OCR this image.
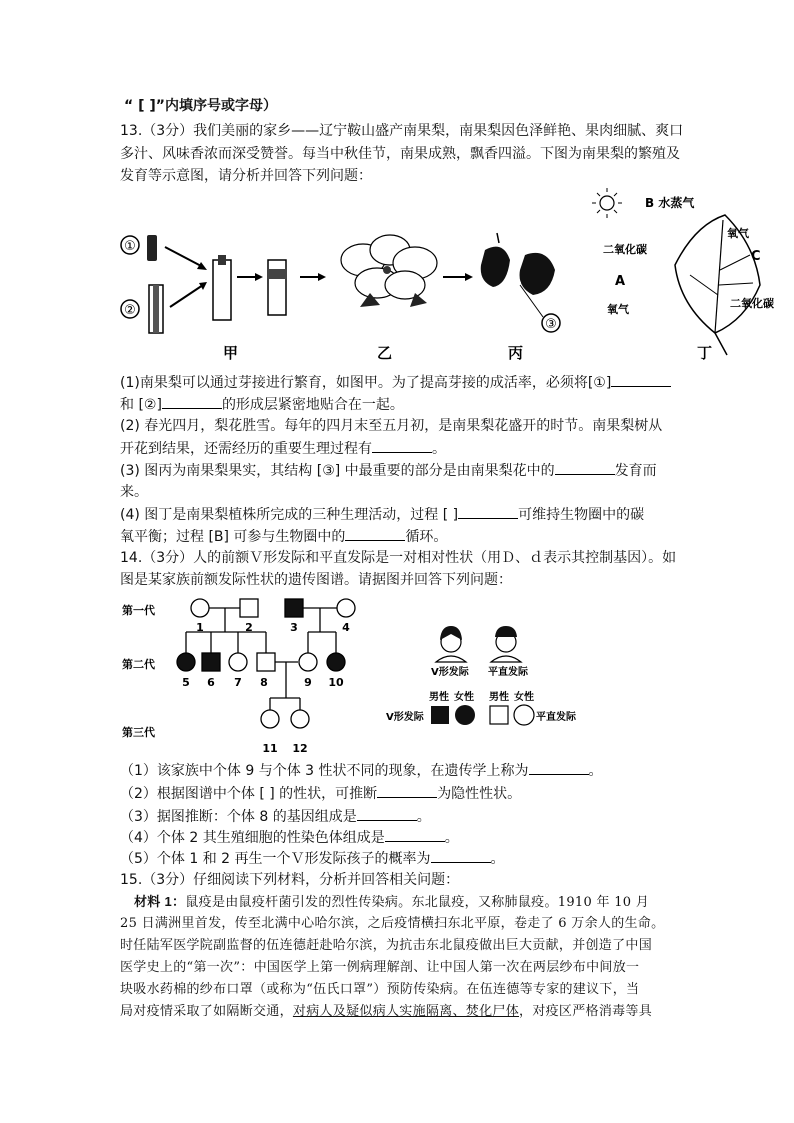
“ [ ]”内填序号或字母）
13.（3分）我们美丽的家乡——辽宁鞍山盛产南果梨，南果梨因色泽鲜艳、果肉细腻、爽口
多汁、风味香浓而深受赞誉。每当中秋佳节，南果成熟，飘香四溢。下图为南果梨的繁殖及
发育等示意图，请分析并回答下列问题：
①
②
甲	乙
③
丙
B 水蒸气
二氧化碳
氧气
A
C
氧气	二氧化碳
丁
(1)南果梨可以通过芽接进行繁育，如图甲。为了提高芽接的成活率，必须将[①]
和 [②]	的形成层紧密地贴合在一起。
(2) 春光四月，梨花胜雪。每年的四月末至五月初，是南果梨花盛开的时节。南果梨树从
开花到结果，还需经历的重要生理过程有	。
(3) 图丙为南果梨果实，其结构 [③] 中最重要的部分是由南果梨花中的	发育而
来。
(4) 图丁是南果梨植株所完成的三种生理活动，过程 [ ]	可维持生物圈中的碳
氧平衡；过程 [B] 可参与生物圈中的	循环。
14.（3分）人的前额Ｖ形发际和平直发际是一对相对性状（用Ｄ、ｄ表示其控制基因）。如
图是某家族前额发际性状的遗传图谱。请据图并回答下列问题：
第一代
第二代
第三代
1	2	3	4
5 6 7 8	9 10
11 12
V形发际 平直发际
男性 女性 男性 女性
V形发际	平直发际
（1）该家族中个体 9 与个体 3 性状不同的现象，在遗传学上称为	。
（2）根据图谱中个体 [ ] 的性状，可推断	为隐性性状。
（3）据图推断：个体 8 的基因组成是	。
（4）个体 2 其生殖细胞的性染色体组成是	。
（5）个体 1 和 2 再生一个Ｖ形发际孩子的概率为	。
15.（3分）仔细阅读下列材料，分析并回答相关问题：
材料 1：鼠疫是由鼠疫杆菌引发的烈性传染病。东北鼠疫，又称肺鼠疫。1910 年 10 月
25 日满洲里首发，传至北满中心哈尔滨，之后疫情横扫东北平原，卷走了 6 万余人的生命。
时任陆军医学院副监督的伍连德赶赴哈尔滨，为抗击东北鼠疫做出巨大贡献，并创造了中国
医学史上的“第一次”：中国医学上第一例病理解剖、让中国人第一次在两层纱布中间放一
块吸水药棉的纱布口罩（或称为“伍氏口罩”）预防传染病。在伍连德等专家的建议下，当
局对疫情采取了如隔断交通，对病人及疑似病人实施隔离、焚化尸体，对疫区严格消毒等具
